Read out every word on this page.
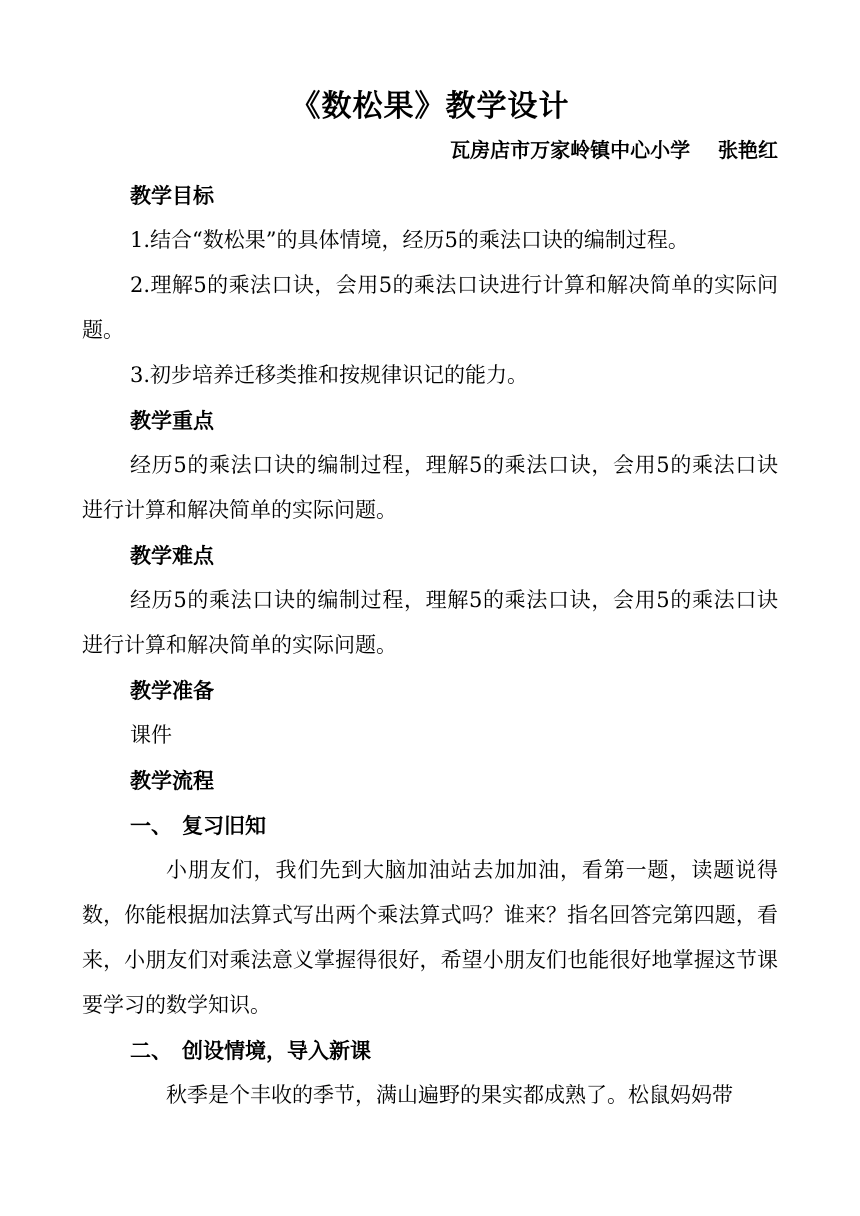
《数松果》教学设计
瓦房店市万家岭镇中心小学    张艳红

教学目标

1.结合“数松果”的具体情境，经历5的乘法口诀的编制过程。

2.理解5的乘法口诀，会用5的乘法口诀进行计算和解决简单的实际问题。

3.初步培养迁移类推和按规律识记的能力。

教学重点

经历5的乘法口诀的编制过程，理解5的乘法口诀，会用5的乘法口诀进行计算和解决简单的实际问题。

教学难点

经历5的乘法口诀的编制过程，理解5的乘法口诀，会用5的乘法口诀进行计算和解决简单的实际问题。

教学准备

课件

教学流程

一、 复习旧知

小朋友们，我们先到大脑加油站去加加油，看第一题，读题说得数，你能根据加法算式写出两个乘法算式吗？谁来？指名回答完第四题，看来，小朋友们对乘法意义掌握得很好，希望小朋友们也能很好地掌握这节课要学习的数学知识。

二、 创设情境，导入新课

秋季是个丰收的季节，满山遍野的果实都成熟了。松鼠妈妈带
